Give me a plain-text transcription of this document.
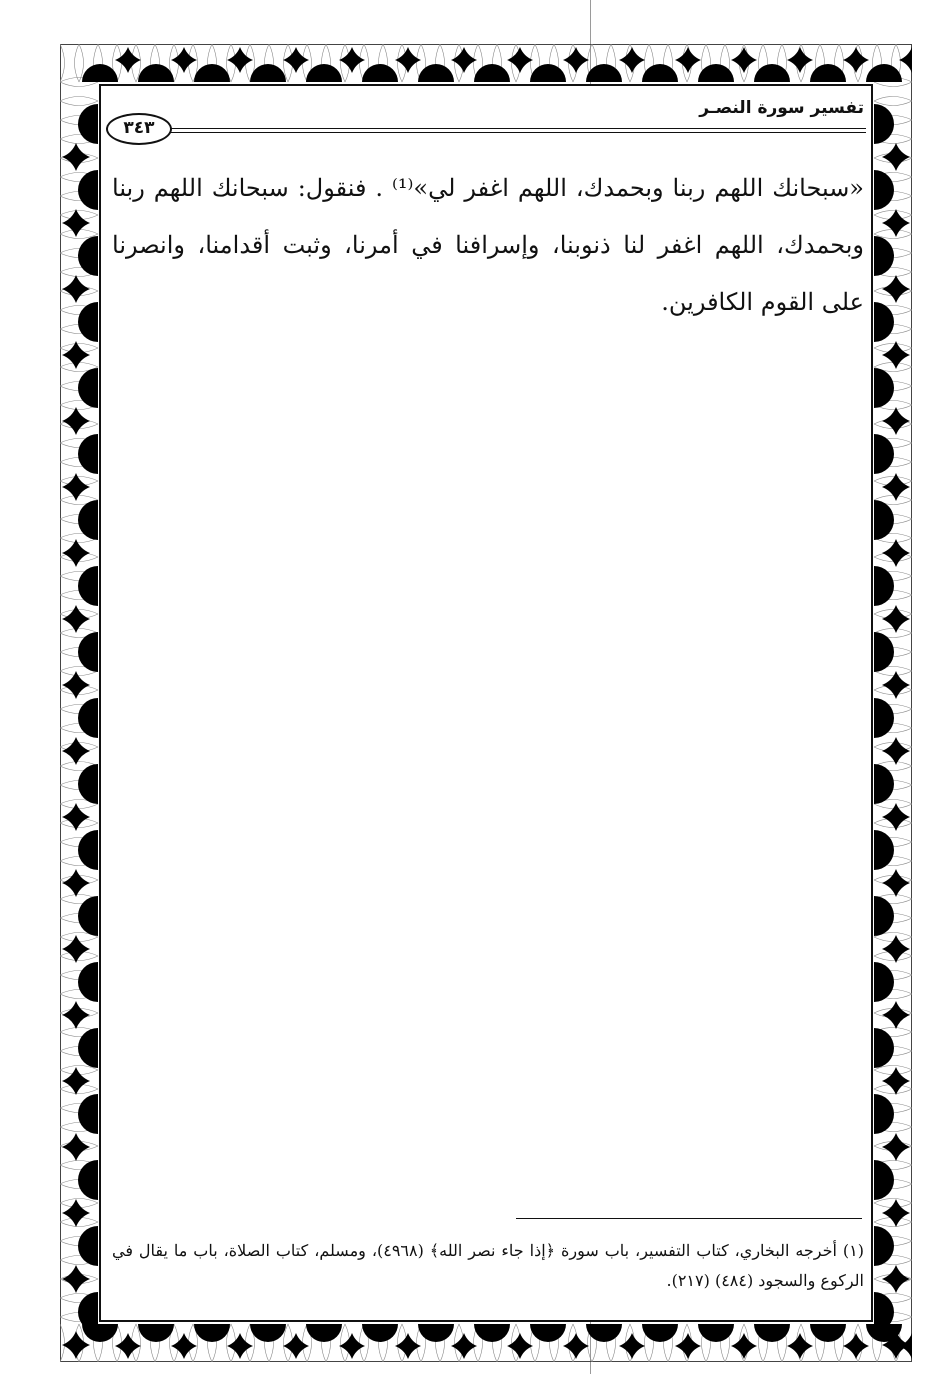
تفسير سورة النصـر
٣٤٣

«سبحانك اللهم ربنا وبحمدك، اللهم اغفر لي»⁽¹⁾ . فنقول: سبحانك اللهم ربنا وبحمدك، اللهم اغفر لنا ذنوبنا، وإسرافنا في أمرنا، وثبت أقدامنا، وانصرنا على القوم الكافرين.

(١) أخرجه البخاري، كتاب التفسير، باب سورة ﴿إذا جاء نصر الله﴾ (٤٩٦٨)، ومسلم، كتاب الصلاة، باب ما يقال في الركوع والسجود (٤٨٤) (٢١٧).
